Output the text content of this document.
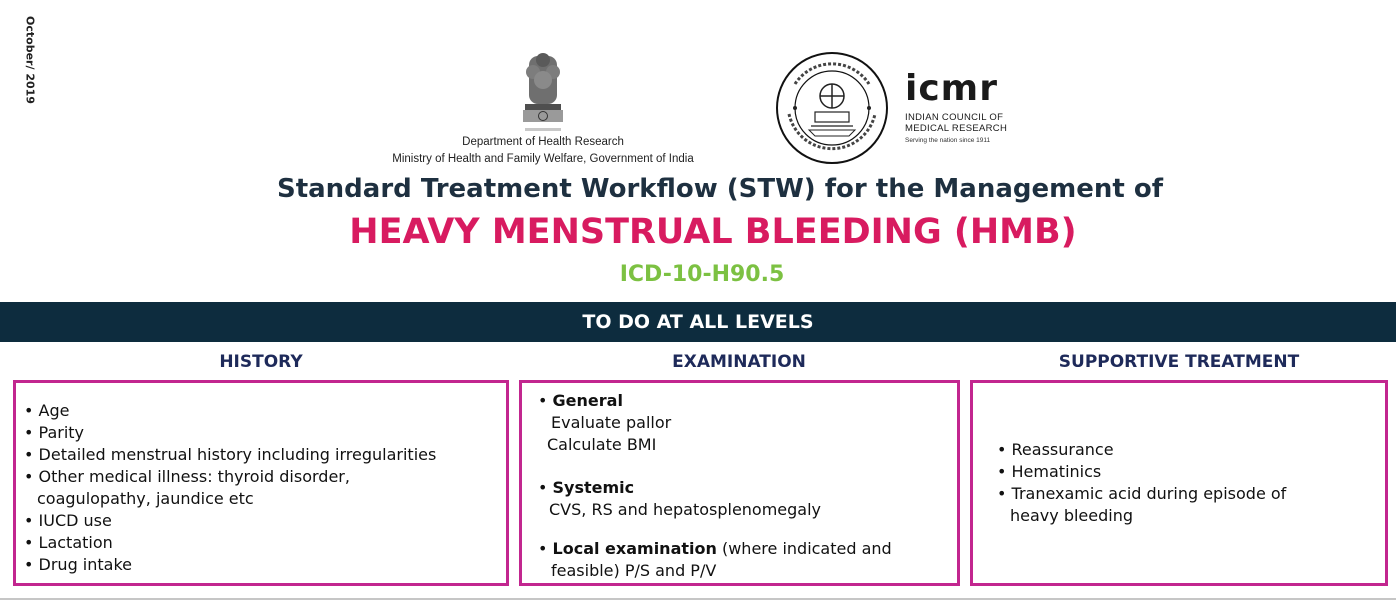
October/ 2019
Department of Health Research
Ministry of Health and Family Welfare, Government of India
icmr
INDIAN COUNCIL OF
MEDICAL RESEARCH
Serving the nation since 1911
Standard Treatment Workflow (STW) for the Management of
HEAVY MENSTRUAL BLEEDING (HMB)
ICD-10-H90.5
TO DO AT ALL LEVELS
HISTORY	EXAMINATION	SUPPORTIVE TREATMENT
• Age
• Parity
• Detailed menstrual history including irregularities
• Other medical illness: thyroid disorder,
coagulopathy, jaundice etc
• IUCD use
• Lactation
• Drug intake
• General
Evaluate pallor
Calculate BMI
• Systemic
CVS, RS and hepatosplenomegaly
• Local examination (where indicated and
feasible) P/S and P/V
• Reassurance
• Hematinics
• Tranexamic acid during episode of
heavy bleeding
